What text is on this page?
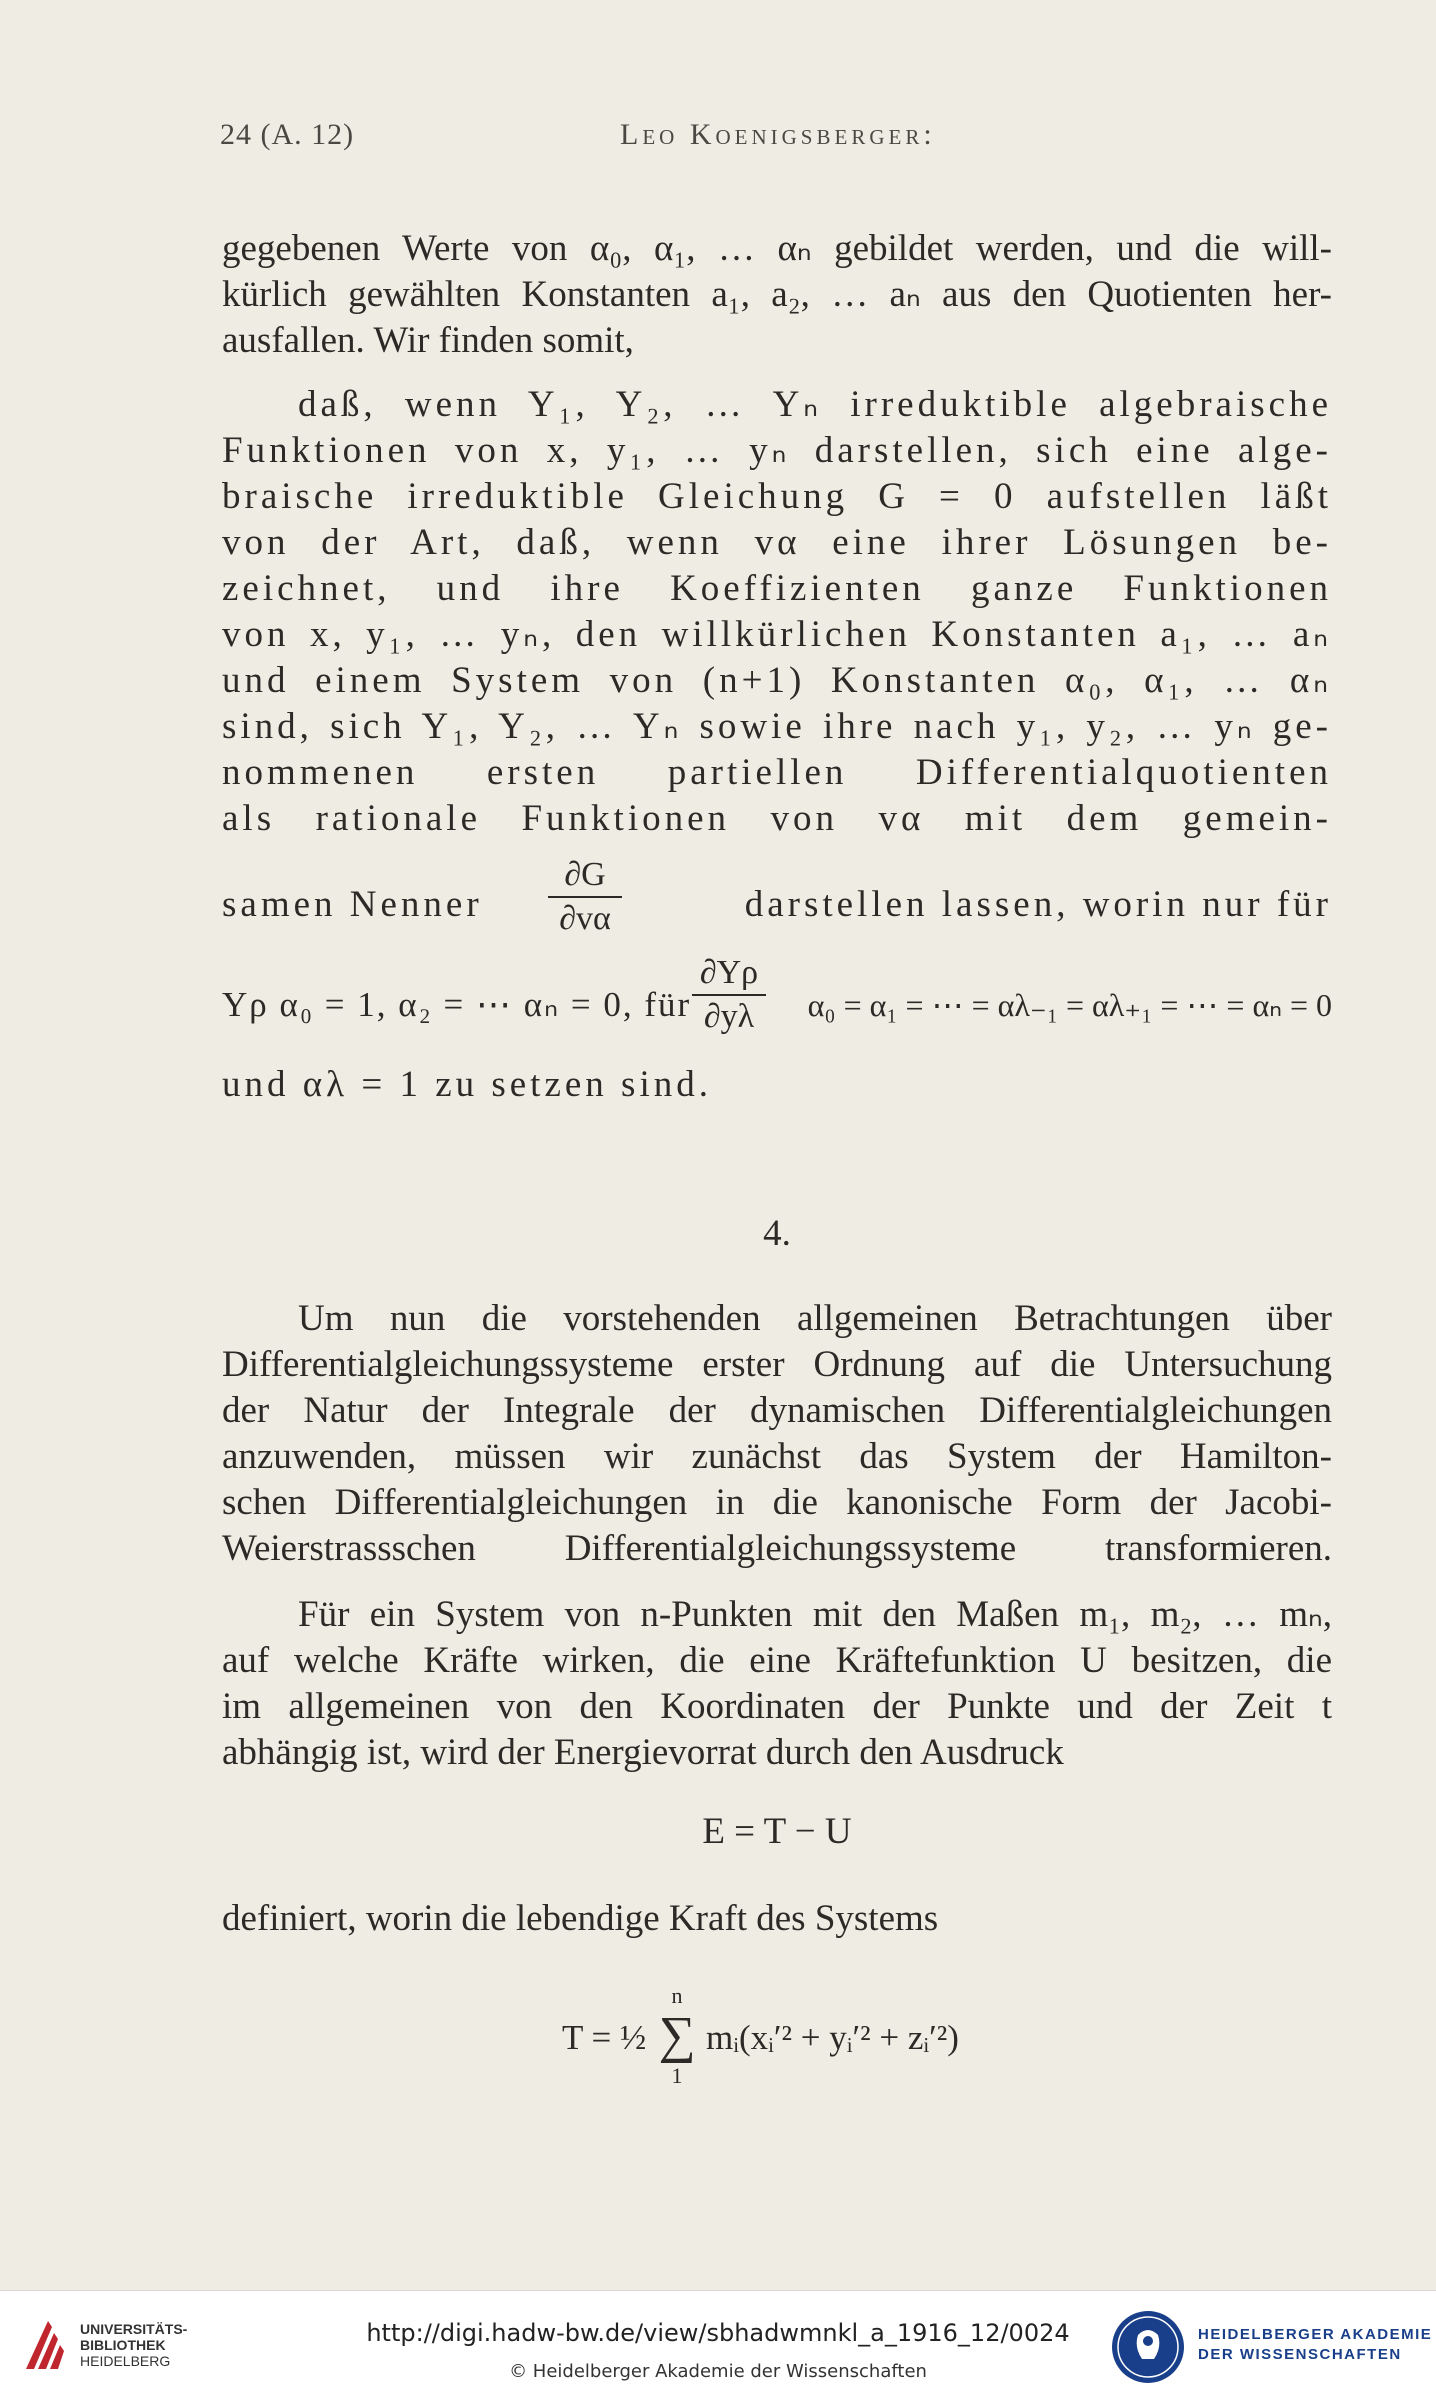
24 (A. 12)	Leo Koenigsberger:
gegebenen Werte von α₀, α₁, … αₙ gebildet werden, und die will-
kürlich gewählten Konstanten a₁, a₂, … aₙ aus den Quotienten her-
ausfallen. Wir finden somit,
daß, wenn Y₁, Y₂, … Yₙ irreduktible algebraische
Funktionen von x, y₁, … yₙ darstellen, sich eine alge-
braische irreduktible Gleichung G = 0 aufstellen läßt
von der Art, daß, wenn vα eine ihrer Lösungen be-
zeichnet, und ihre Koeffizienten ganze Funktionen
von x, y₁, … yₙ, den willkürlichen Konstanten a₁, … aₙ
und einem System von (n+1) Konstanten α₀, α₁, … αₙ
sind, sich Y₁, Y₂, … Yₙ sowie ihre nach y₁, y₂, … yₙ ge-
nommenen ersten partiellen Differentialquotienten
als rationale Funktionen von vα mit dem gemein-
samen Nenner
∂G
∂vα	darstellen lassen, worin nur für
Yρ α₀ = 1, α₂ = ⋯ αₙ = 0, für
∂Yρ
∂yλ	α₀ = α₁ = ⋯ = αλ₋₁ = αλ₊₁ = ⋯ = αₙ = 0
und αλ = 1 zu setzen sind.
4.
Um nun die vorstehenden allgemeinen Betrachtungen über
Differentialgleichungssysteme erster Ordnung auf die Untersuchung
der Natur der Integrale der dynamischen Differentialgleichungen
anzuwenden, müssen wir zunächst das System der Hamilton-
schen Differentialgleichungen in die kanonische Form der Jacobi-
Weierstrassschen Differentialgleichungssysteme transformieren.
Für ein System von n-Punkten mit den Maßen m₁, m₂, … mₙ,
auf welche Kräfte wirken, die eine Kräftefunktion U besitzen, die
im allgemeinen von den Koordinaten der Punkte und der Zeit t
abhängig ist, wird der Energievorrat durch den Ausdruck
E = T − U
definiert, worin die lebendige Kraft des Systems
T = ½
n
∑
1
mᵢ(xᵢ′² + yᵢ′² + zᵢ′²)
UNIVERSITÄTS-
BIBLIOTHEK
HEIDELBERG
http://digi.hadw-bw.de/view/sbhadwmnkl_a_1916_12/0024
© Heidelberger Akademie der Wissenschaften
HEIDELBERGER AKADEMIE
DER WISSENSCHAFTEN
